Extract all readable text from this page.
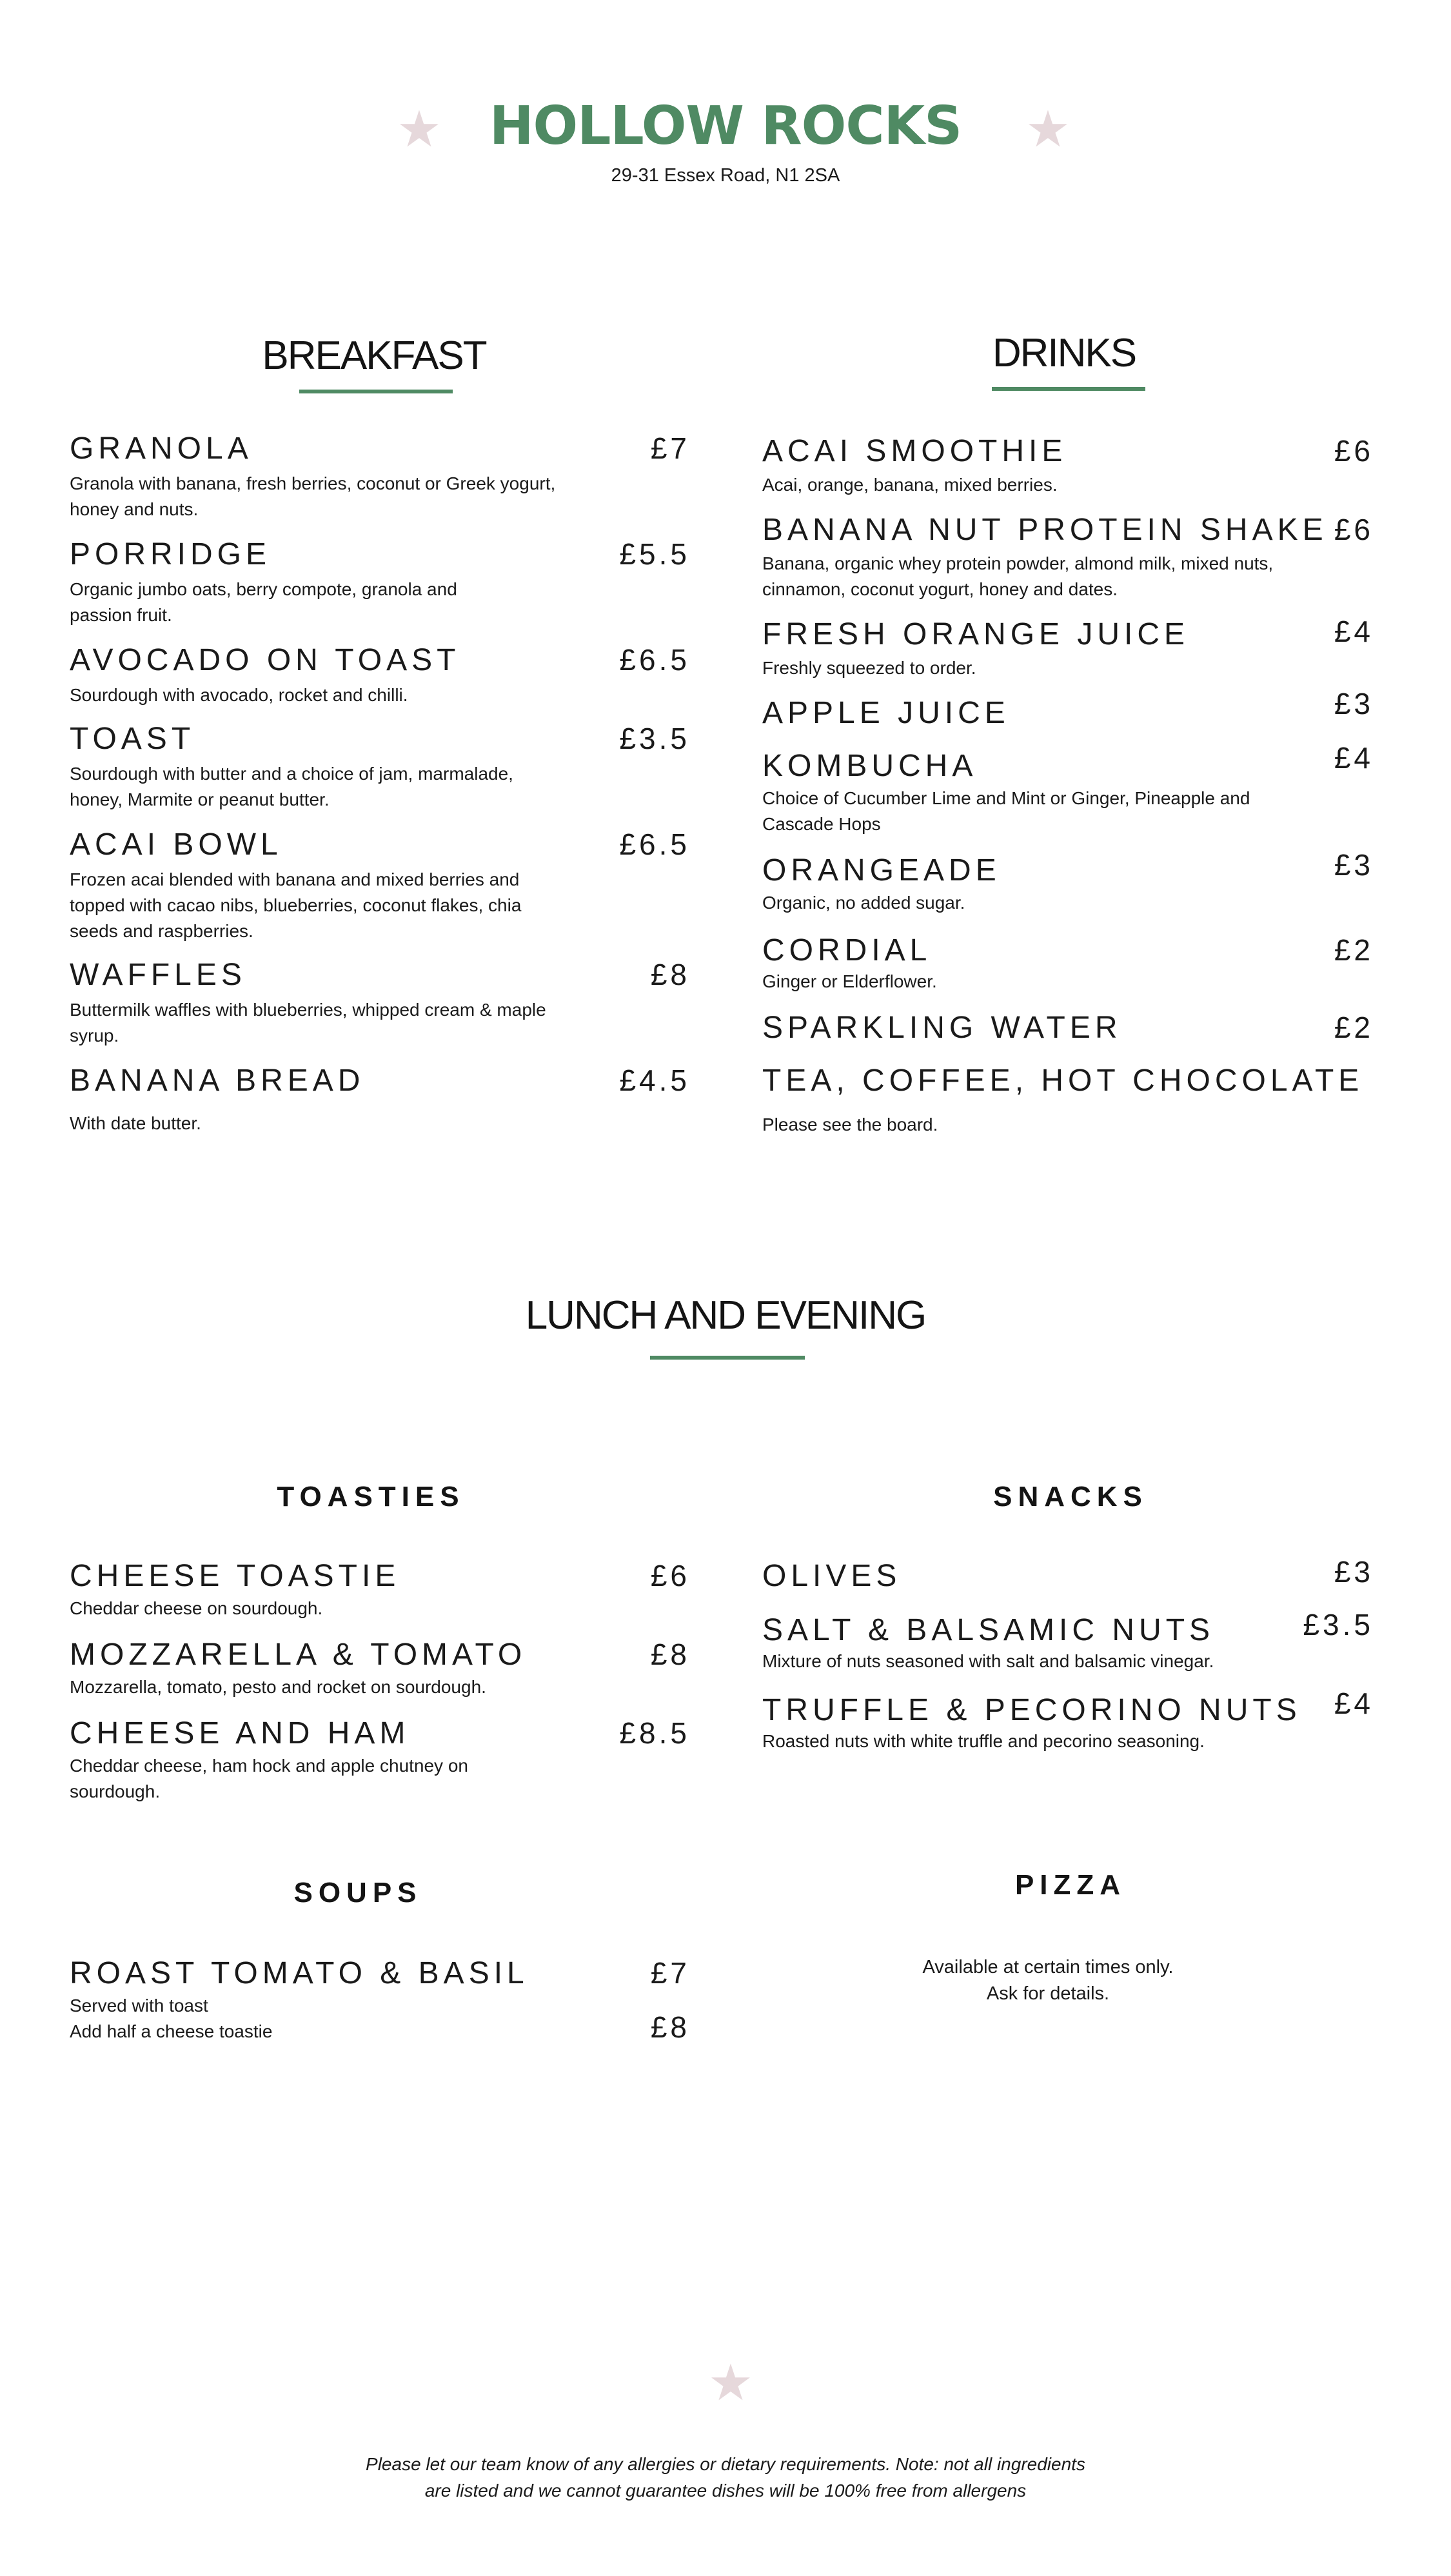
★	★
HOLLOW ROCKS
29-31 Essex Road, N1 2SA
BREAKFAST
GRANOLA	£7
Granola with banana, fresh berries, coconut or Greek yogurt, honey and nuts.
PORRIDGE	£5.5
Organic jumbo oats, berry compote, granola and passion fruit.
AVOCADO ON TOAST	£6.5
Sourdough with avocado, rocket and chilli.
TOAST	£3.5
Sourdough with butter and a choice of jam, marmalade, honey, Marmite or peanut butter.
ACAI BOWL	£6.5
Frozen acai blended with banana and mixed berries and topped with cacao nibs, blueberries, coconut flakes, chia seeds and raspberries.
WAFFLES	£8
Buttermilk waffles with blueberries, whipped cream & maple syrup.
BANANA BREAD	£4.5
With date butter.
DRINKS
ACAI SMOOTHIE	£6
Acai, orange, banana, mixed berries.
BANANA NUT PROTEIN SHAKE £6
Banana, organic whey protein powder, almond milk, mixed nuts, cinnamon, coconut yogurt, honey and dates.
FRESH ORANGE JUICE	£4
Freshly squeezed to order.
APPLE JUICE	£3
KOMBUCHA	£4
Choice of Cucumber Lime and Mint or Ginger, Pineapple and Cascade Hops
ORANGEADE	£3
Organic, no added sugar.
CORDIAL	£2
Ginger or Elderflower.
SPARKLING WATER	£2
TEA, COFFEE, HOT CHOCOLATE
Please see the board.
LUNCH AND EVENING
TOASTIES
CHEESE TOASTIE	£6
Cheddar cheese on sourdough.
MOZZARELLA & TOMATO	£8
Mozzarella, tomato, pesto and rocket on sourdough.
CHEESE AND HAM	£8.5
Cheddar cheese, ham hock and apple chutney on sourdough.
SNACKS
OLIVES	£3
SALT & BALSAMIC NUTS	£3.5
Mixture of nuts seasoned with salt and balsamic vinegar.
TRUFFLE & PECORINO NUTS	£4
Roasted nuts with white truffle and pecorino seasoning.
SOUPS
ROAST TOMATO & BASIL	£7
Served with toast
Add half a cheese toastie	£8
PIZZA
Available at certain times only.
Ask for details.
★
Please let our team know of any allergies or dietary requirements. Note: not all ingredients
are listed and we cannot guarantee dishes will be 100% free from allergens
